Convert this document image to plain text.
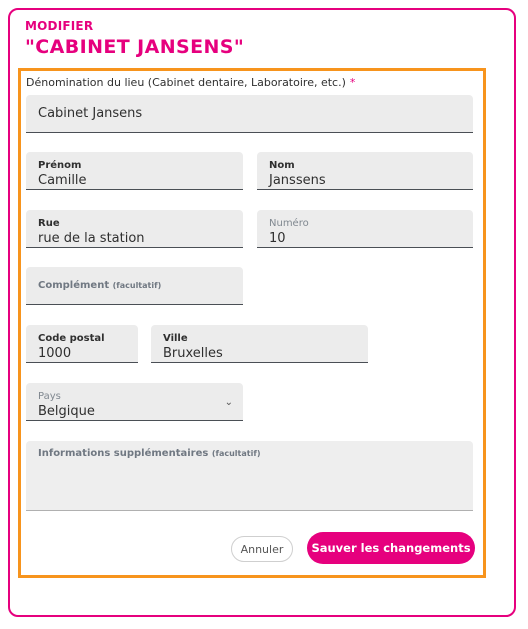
MODIFIER
"CABINET JANSENS"
Dénomination du lieu (Cabinet dentaire, Laboratoire, etc.) *
Cabinet Jansens
Prénom
Camille
Nom
Janssens
Rue
rue de la station
Numéro
10
Complément (facultatif)
Code postal
1000
Ville
Bruxelles
Pays
Belgique
⌄
Informations supplémentaires (facultatif)
Annuler	Sauver les changements
